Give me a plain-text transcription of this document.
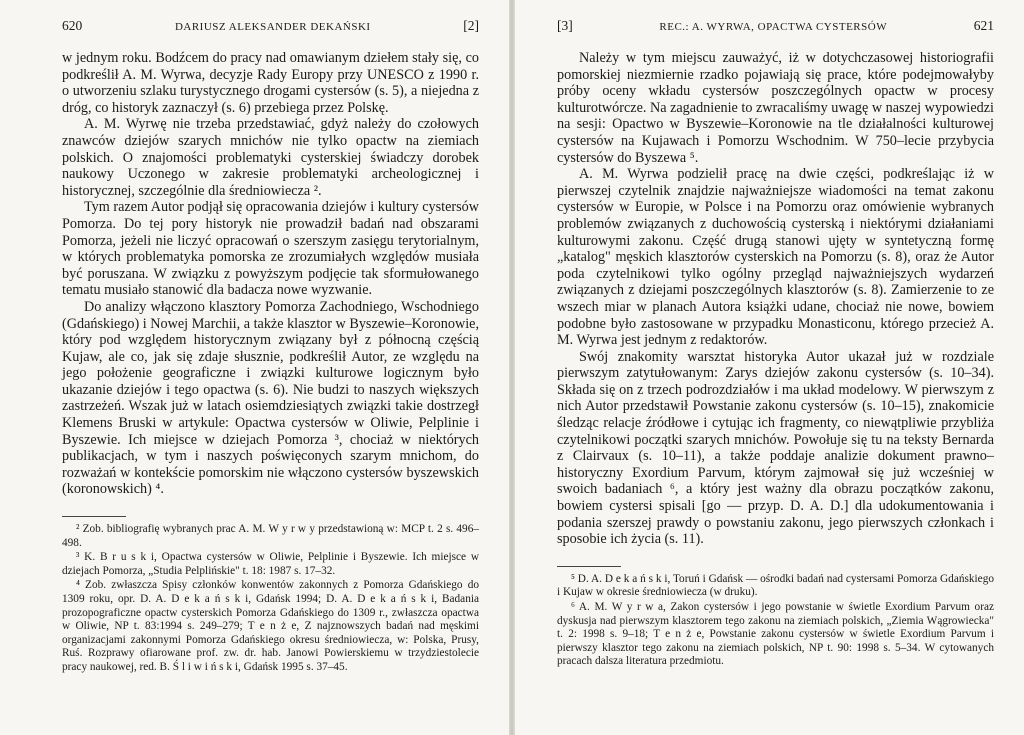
620	DARIUSZ ALEKSANDER DEKAŃSKI	[2]

w jednym roku. Bodźcem do pracy nad omawianym dziełem stały się, co podkreślił A. M. Wyrwa, decyzje Rady Europy przy UNESCO z 1990 r. o utworzeniu szlaku turystycznego drogami cystersów (s. 5), a niejedna z dróg, co historyk zaznaczył (s. 6) przebiega przez Polskę.

A. M. Wyrwę nie trzeba przedstawiać, gdyż należy do czołowych znawców dziejów szarych mnichów nie tylko opactw na ziemiach polskich. O znajomości problematyki cysterskiej świadczy dorobek naukowy Uczonego w zakresie problematyki archeologicznej i historycznej, szczególnie dla średniowiecza ².

Tym razem Autor podjął się opracowania dziejów i kultury cystersów Pomorza. Do tej pory historyk nie prowadził badań nad obszarami Pomorza, jeżeli nie liczyć opracowań o szerszym zasięgu terytorialnym, w których problematyka pomorska ze zrozumiałych względów musiała być poruszana. W związku z powyższym podjęcie tak sformułowanego tematu musiało stanowić dla badacza nowe wyzwanie.

Do analizy włączono klasztory Pomorza Zachodniego, Wschodniego (Gdańskiego) i Nowej Marchii, a także klasztor w Byszewie–Koronowie, który pod względem historycznym związany był z północną częścią Kujaw, ale co, jak się zdaje słusznie, podkreślił Autor, ze względu na jego położenie geograficzne i związki kulturowe logicznym było ukazanie dziejów i tego opactwa (s. 6). Nie budzi to naszych większych zastrzeżeń. Wszak już w latach osiemdziesiątych związki takie dostrzegł Klemens Bruski w artykule: Opactwa cystersów w Oliwie, Pelplinie i Byszewie. Ich miejsce w dziejach Pomorza ³, chociaż w niektórych publikacjach, w tym i naszych poświęconych szarym mnichom, do rozważań w kontekście pomorskim nie włączono cystersów byszewskich (koronowskich) ⁴.

² Zob. bibliografię wybranych prac A. M. W y r w y przedstawioną w: MCP t. 2 s. 496–498.

³ K. B r u s k i, Opactwa cystersów w Oliwie, Pelplinie i Byszewie. Ich miejsce w dziejach Pomorza, „Studia Pelplińskie" t. 18: 1987 s. 17–32.

⁴ Zob. zwłaszcza Spisy członków konwentów zakonnych z Pomorza Gdańskiego do 1309 roku, opr. D. A. D e k a ń s k i, Gdańsk 1994; D. A. D e k a ń s k i, Badania prozopograficzne opactw cysterskich Pomorza Gdańskiego do 1309 r., zwłaszcza opactwa w Oliwie, NP t. 83:1994 s. 249–279; T e n ż e, Z najznowszych badań nad męskimi organizacjami zakonnymi Pomorza Gdańskiego okresu średniowiecza, w: Polska, Prusy, Ruś. Rozprawy ofiarowane prof. zw. dr. hab. Janowi Powierskiemu w trzydziestolecie pracy naukowej, red. B. Ś l i w i ń s k i, Gdańsk 1995 s. 37–45.

[3]	REC.: A. WYRWA, OPACTWA CYSTERSÓW	621

Należy w tym miejscu zauważyć, iż w dotychczasowej historiografii pomorskiej niezmiernie rzadko pojawiają się prace, które podejmowałyby próby oceny wkładu cystersów poszczególnych opactw w procesy kulturotwórcze. Na zagadnienie to zwracaliśmy uwagę w naszej wypowiedzi na sesji: Opactwo w Byszewie–Koronowie na tle działalności kulturowej cystersów na Kujawach i Pomorzu Wschodnim. W 750–lecie przybycia cystersów do Byszewa ⁵.

A. M. Wyrwa podzielił pracę na dwie części, podkreślając iż w pierwszej czytelnik znajdzie najważniejsze wiadomości na temat zakonu cystersów w Europie, w Polsce i na Pomorzu oraz omówienie wybranych problemów związanych z duchowością cysterską i niektórymi działaniami kulturowymi zakonu. Część drugą stanowi ujęty w syntetyczną formę „katalog" męskich klasztorów cysterskich na Pomorzu (s. 8), oraz że Autor poda czytelnikowi tylko ogólny przegląd najważniejszych wydarzeń związanych z dziejami poszczególnych klasztorów (s. 8). Zamierzenie to ze wszech miar w planach Autora książki udane, chociaż nie nowe, bowiem podobne było zastosowane w przypadku Monasticonu, którego przecież A. M. Wyrwa jest jednym z redaktorów.

Swój znakomity warsztat historyka Autor ukazał już w rozdziale pierwszym zatytułowanym: Zarys dziejów zakonu cystersów (s. 10–34). Składa się on z trzech podrozdziałów i ma układ modelowy. W pierwszym z nich Autor przedstawił Powstanie zakonu cystersów (s. 10–15), znakomicie śledząc relacje źródłowe i cytując ich fragmenty, co niewątpliwie przybliża czytelnikowi początki szarych mnichów. Powołuje się tu na teksty Bernarda z Clairvaux (s. 10–11), a także poddaje analizie dokument prawno–historyczny Exordium Parvum, którym zajmował się już wcześniej w swoich badaniach ⁶, a który jest ważny dla obrazu początków zakonu, bowiem cystersi spisali [go — przyp. D. A. D.] dla udokumentowania i podania szerszej prawdy o powstaniu zakonu, jego pierwszych członkach i sposobie ich życia (s. 11).

⁵ D. A. D e k a ń s k i, Toruń i Gdańsk — ośrodki badań nad cystersami Pomorza Gdańskiego i Kujaw w okresie średniowiecza (w druku).

⁶ A. M. W y r w a, Zakon cystersów i jego powstanie w świetle Exordium Parvum oraz dyskusja nad pierwszym klasztorem tego zakonu na ziemiach polskich, „Ziemia Wągrowiecka" t. 2: 1998 s. 9–18; T e n ż e, Powstanie zakonu cystersów w świetle Exordium Parvum i pierwszy klasztor tego zakonu na ziemiach polskich, NP t. 90: 1998 s. 5–34. W cytowanych pracach dalsza literatura przedmiotu.
